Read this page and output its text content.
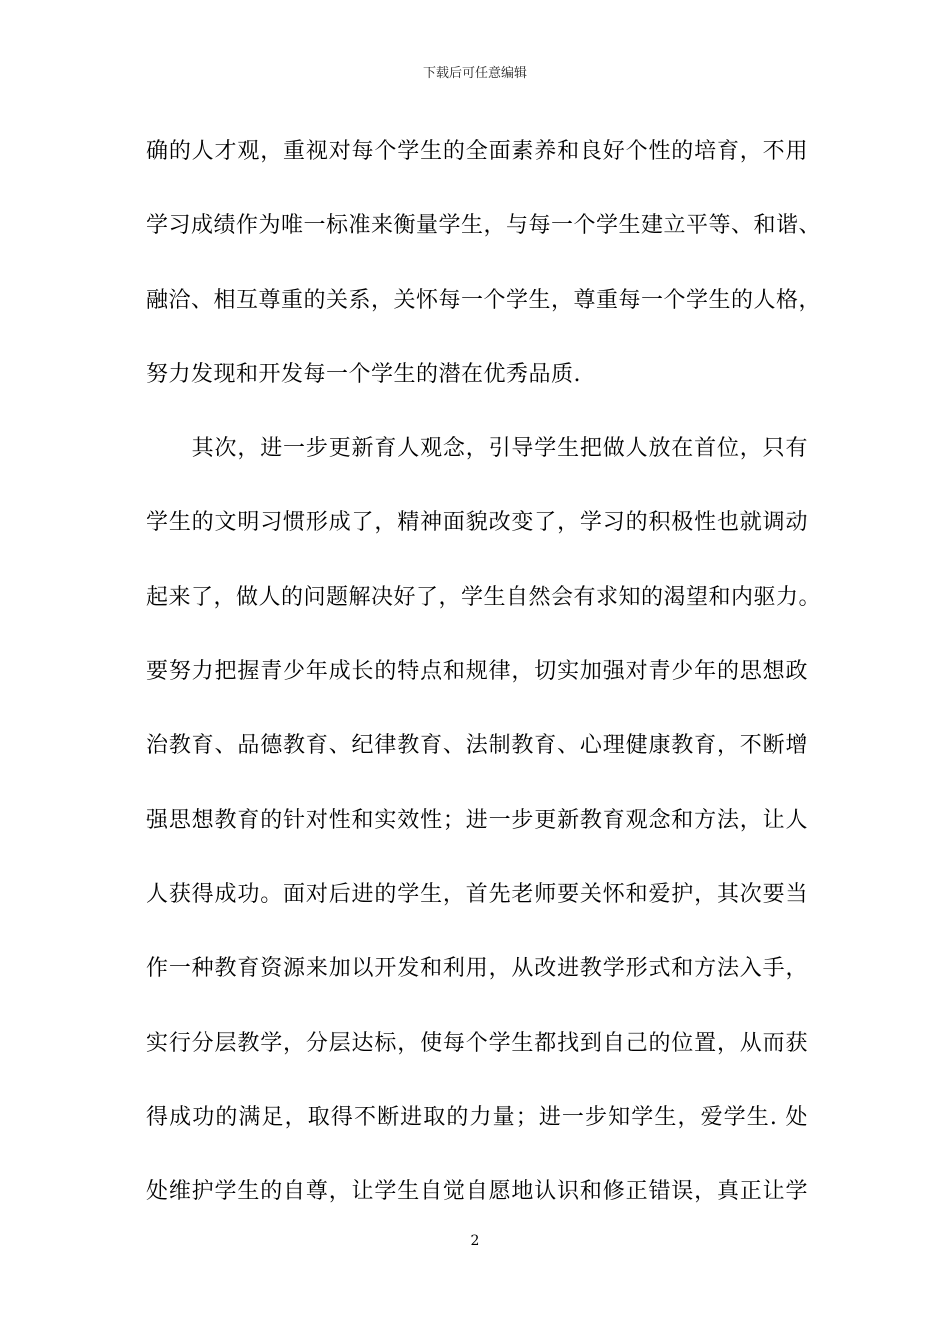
下载后可任意编辑
确的人才观，重视对每个学生的全面素养和良好个性的培育，不用
学习成绩作为唯一标准来衡量学生，与每一个学生建立平等、和谐、
融洽、相互尊重的关系，关怀每一个学生，尊重每一个学生的人格，
努力发现和开发每一个学生的潜在优秀品质.
　　其次，进一步更新育人观念，引导学生把做人放在首位，只有
学生的文明习惯形成了，精神面貌改变了，学习的积极性也就调动
起来了，做人的问题解决好了，学生自然会有求知的渴望和内驱力。
要努力把握青少年成长的特点和规律，切实加强对青少年的思想政
治教育、品德教育、纪律教育、法制教育、心理健康教育，不断增
强思想教育的针对性和实效性；进一步更新教育观念和方法，让人
人获得成功。面对后进的学生，首先老师要关怀和爱护，其次要当
作一种教育资源来加以开发和利用，从改进教学形式和方法入手，
实行分层教学，分层达标，使每个学生都找到自己的位置，从而获
得成功的满足，取得不断进取的力量；进一步知学生，爱学生. 处
处维护学生的自尊，让学生自觉自愿地认识和修正错误，真正让学
2
